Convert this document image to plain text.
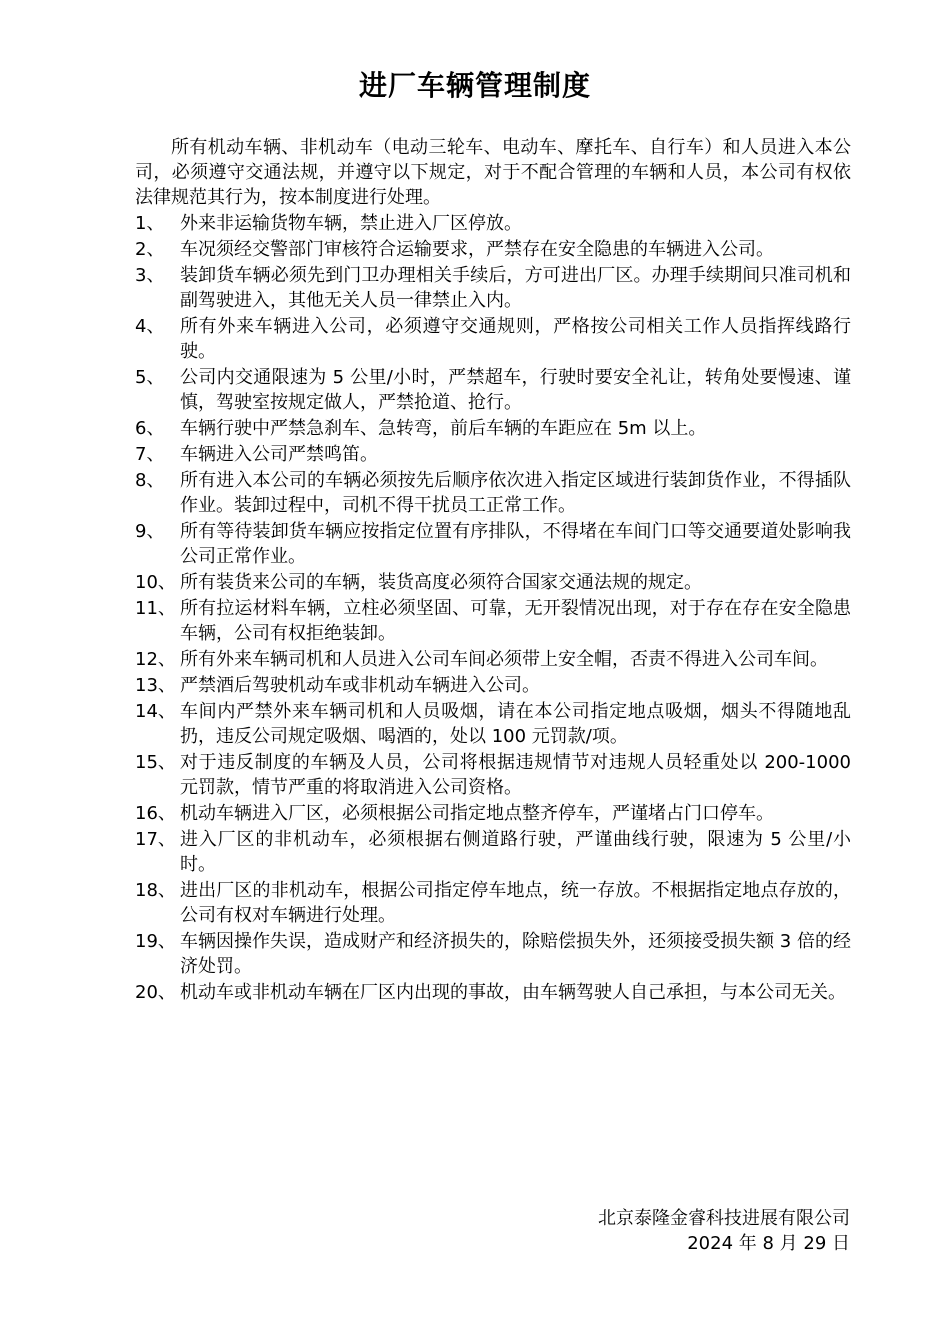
进厂车辆管理制度

所有机动车辆、非机动车（电动三轮车、电动车、摩托车、自行车）和人员进入本公司，必须遵守交通法规，并遵守以下规定，对于不配合管理的车辆和人员，本公司有权依法律规范其行为，按本制度进行处理。

1、 外来非运输货物车辆，禁止进入厂区停放。
2、 车况须经交警部门审核符合运输要求，严禁存在安全隐患的车辆进入公司。
3、 装卸货车辆必须先到门卫办理相关手续后，方可进出厂区。办理手续期间只准司机和副驾驶进入，其他无关人员一律禁止入内。
4、 所有外来车辆进入公司，必须遵守交通规则，严格按公司相关工作人员指挥线路行驶。
5、 公司内交通限速为 5 公里/小时，严禁超车，行驶时要安全礼让，转角处要慢速、谨慎，驾驶室按规定做人，严禁抢道、抢行。
6、 车辆行驶中严禁急刹车、急转弯，前后车辆的车距应在 5m 以上。
7、 车辆进入公司严禁鸣笛。
8、 所有进入本公司的车辆必须按先后顺序依次进入指定区域进行装卸货作业，不得插队作业。装卸过程中，司机不得干扰员工正常工作。
9、 所有等待装卸货车辆应按指定位置有序排队，不得堵在车间门口等交通要道处影响我公司正常作业。
10、 所有装货来公司的车辆，装货高度必须符合国家交通法规的规定。
11、 所有拉运材料车辆，立柱必须坚固、可靠，无开裂情况出现，对于存在存在安全隐患车辆，公司有权拒绝装卸。
12、 所有外来车辆司机和人员进入公司车间必须带上安全帽，否责不得进入公司车间。
13、 严禁酒后驾驶机动车或非机动车辆进入公司。
14、 车间内严禁外来车辆司机和人员吸烟，请在本公司指定地点吸烟，烟头不得随地乱扔，违反公司规定吸烟、喝酒的，处以 100 元罚款/项。
15、 对于违反制度的车辆及人员，公司将根据违规情节对违规人员轻重处以 200-1000 元罚款，情节严重的将取消进入公司资格。
16、 机动车辆进入厂区，必须根据公司指定地点整齐停车，严谨堵占门口停车。
17、 进入厂区的非机动车，必须根据右侧道路行驶，严谨曲线行驶，限速为 5 公里/小时。
18、 进出厂区的非机动车，根据公司指定停车地点，统一存放。不根据指定地点存放的，公司有权对车辆进行处理。
19、 车辆因操作失误，造成财产和经济损失的，除赔偿损失外，还须接受损失额 3 倍的经济处罚。
20、 机动车或非机动车辆在厂区内出现的事故，由车辆驾驶人自己承担，与本公司无关。
北京泰隆金睿科技进展有限公司
2024 年 8 月 29 日
